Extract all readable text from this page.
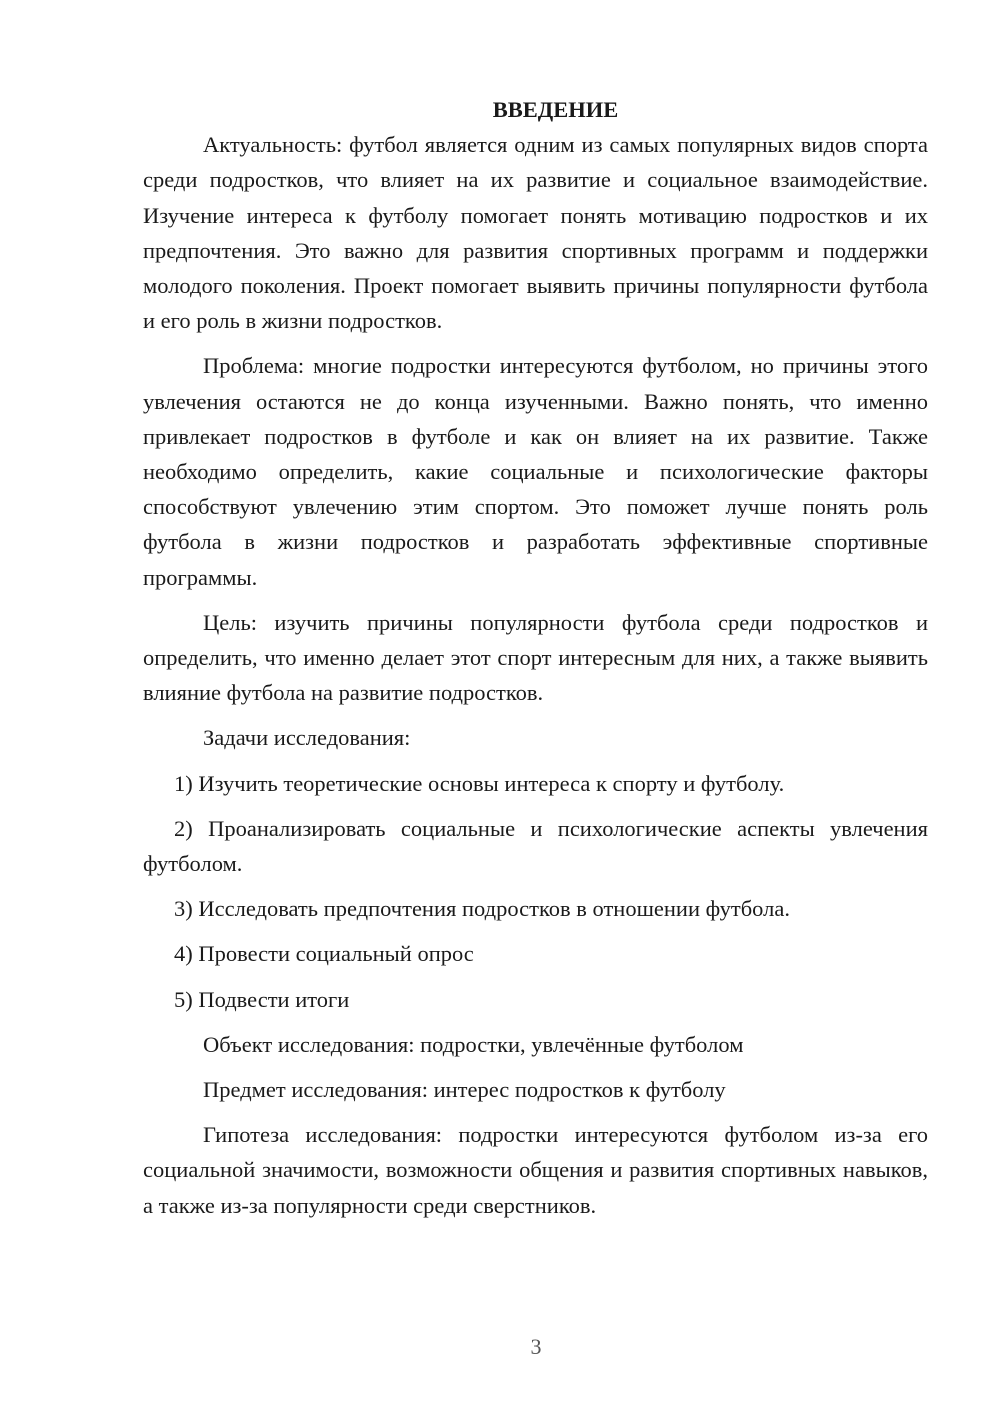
ВВЕДЕНИЕ

Актуальность: футбол является одним из самых популярных видов спорта среди подростков, что влияет на их развитие и социальное взаимодействие. Изучение интереса к футболу помогает понять мотивацию подростков и их предпочтения. Это важно для развития спортивных программ и поддержки молодого поколения. Проект помогает выявить причины популярности футбола и его роль в жизни подростков.

Проблема: многие подростки интересуются футболом, но причины этого увлечения остаются не до конца изученными. Важно понять, что именно привлекает подростков в футболе и как он влияет на их развитие. Также необходимо определить, какие социальные и психологические факторы способствуют увлечению этим спортом. Это поможет лучше понять роль футбола в жизни подростков и разработать эффективные спортивные программы.

Цель: изучить причины популярности футбола среди подростков и определить, что именно делает этот спорт интересным для них, а также выявить влияние футбола на развитие подростков.

Задачи исследования:

1) Изучить теоретические основы интереса к спорту и футболу.

2) Проанализировать социальные и психологические аспекты увлечения футболом.

3) Исследовать предпочтения подростков в отношении футбола.

4) Провести социальный опрос

5) Подвести итоги

Объект исследования: подростки, увлечённые футболом

Предмет исследования: интерес подростков к футболу

Гипотеза исследования: подростки интересуются футболом из-за его социальной значимости, возможности общения и развития спортивных навыков, а также из-за популярности среди сверстников.

3
